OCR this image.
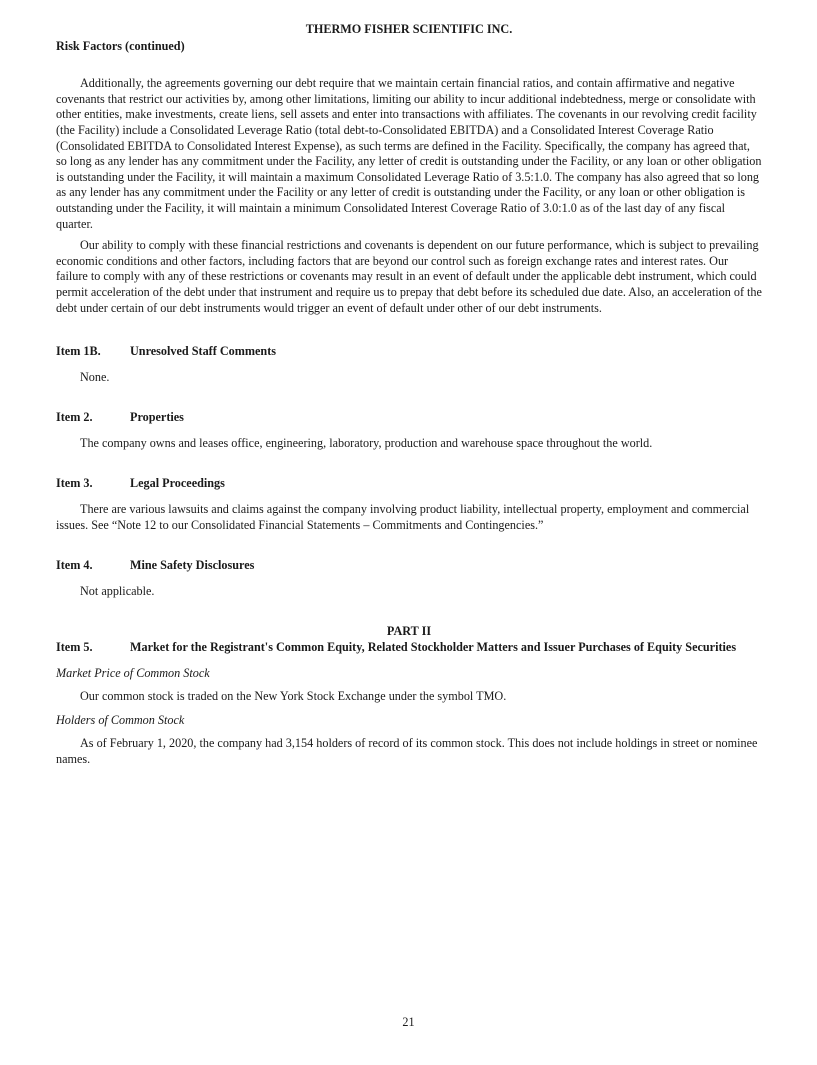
THERMO FISHER SCIENTIFIC INC.
Risk Factors (continued)

Additionally, the agreements governing our debt require that we maintain certain financial ratios, and contain affirmative and negative covenants that restrict our activities by, among other limitations, limiting our ability to incur additional indebtedness, merge or consolidate with other entities, make investments, create liens, sell assets and enter into transactions with affiliates. The covenants in our revolving credit facility (the Facility) include a Consolidated Leverage Ratio (total debt-to-Consolidated EBITDA) and a Consolidated Interest Coverage Ratio (Consolidated EBITDA to Consolidated Interest Expense), as such terms are defined in the Facility. Specifically, the company has agreed that, so long as any lender has any commitment under the Facility, any letter of credit is outstanding under the Facility, or any loan or other obligation is outstanding under the Facility, it will maintain a maximum Consolidated Leverage Ratio of 3.5:1.0. The company has also agreed that so long as any lender has any commitment under the Facility or any letter of credit is outstanding under the Facility, or any loan or other obligation is outstanding under the Facility, it will maintain a minimum Consolidated Interest Coverage Ratio of 3.0:1.0 as of the last day of any fiscal quarter.

Our ability to comply with these financial restrictions and covenants is dependent on our future performance, which is subject to prevailing economic conditions and other factors, including factors that are beyond our control such as foreign exchange rates and interest rates. Our failure to comply with any of these restrictions or covenants may result in an event of default under the applicable debt instrument, which could permit acceleration of the debt under that instrument and require us to prepay that debt before its scheduled due date. Also, an acceleration of the debt under certain of our debt instruments would trigger an event of default under other of our debt instruments.

Item 1B.	Unresolved Staff Comments

None.

Item 2.	Properties

The company owns and leases office, engineering, laboratory, production and warehouse space throughout the world.

Item 3.	Legal Proceedings

There are various lawsuits and claims against the company involving product liability, intellectual property, employment and commercial issues. See “Note 12 to our Consolidated Financial Statements – Commitments and Contingencies.”

Item 4.	Mine Safety Disclosures

Not applicable.

PART II
Item 5.	Market for the Registrant's Common Equity, Related Stockholder Matters and Issuer Purchases of Equity Securities
Market Price of Common Stock

Our common stock is traded on the New York Stock Exchange under the symbol TMO.

Holders of Common Stock

As of February 1, 2020, the company had 3,154 holders of record of its common stock. This does not include holdings in street or nominee names.

21
